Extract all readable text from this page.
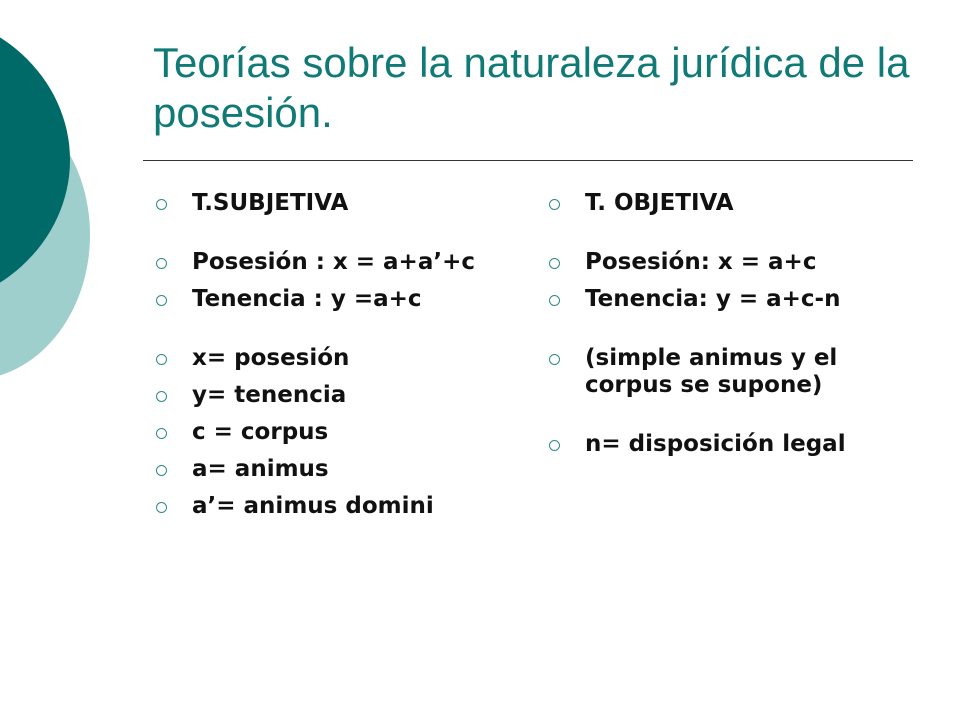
Teorías sobre la naturaleza jurídica de la posesión.
T.SUBJETIVA
Posesión : x = a+a’+c
Tenencia : y =a+c
x= posesión
y= tenencia
c = corpus
a= animus
a’= animus domini
T. OBJETIVA
Posesión: x = a+c
Tenencia: y = a+c-n
(simple animus y el corpus se supone)
n= disposición legal
